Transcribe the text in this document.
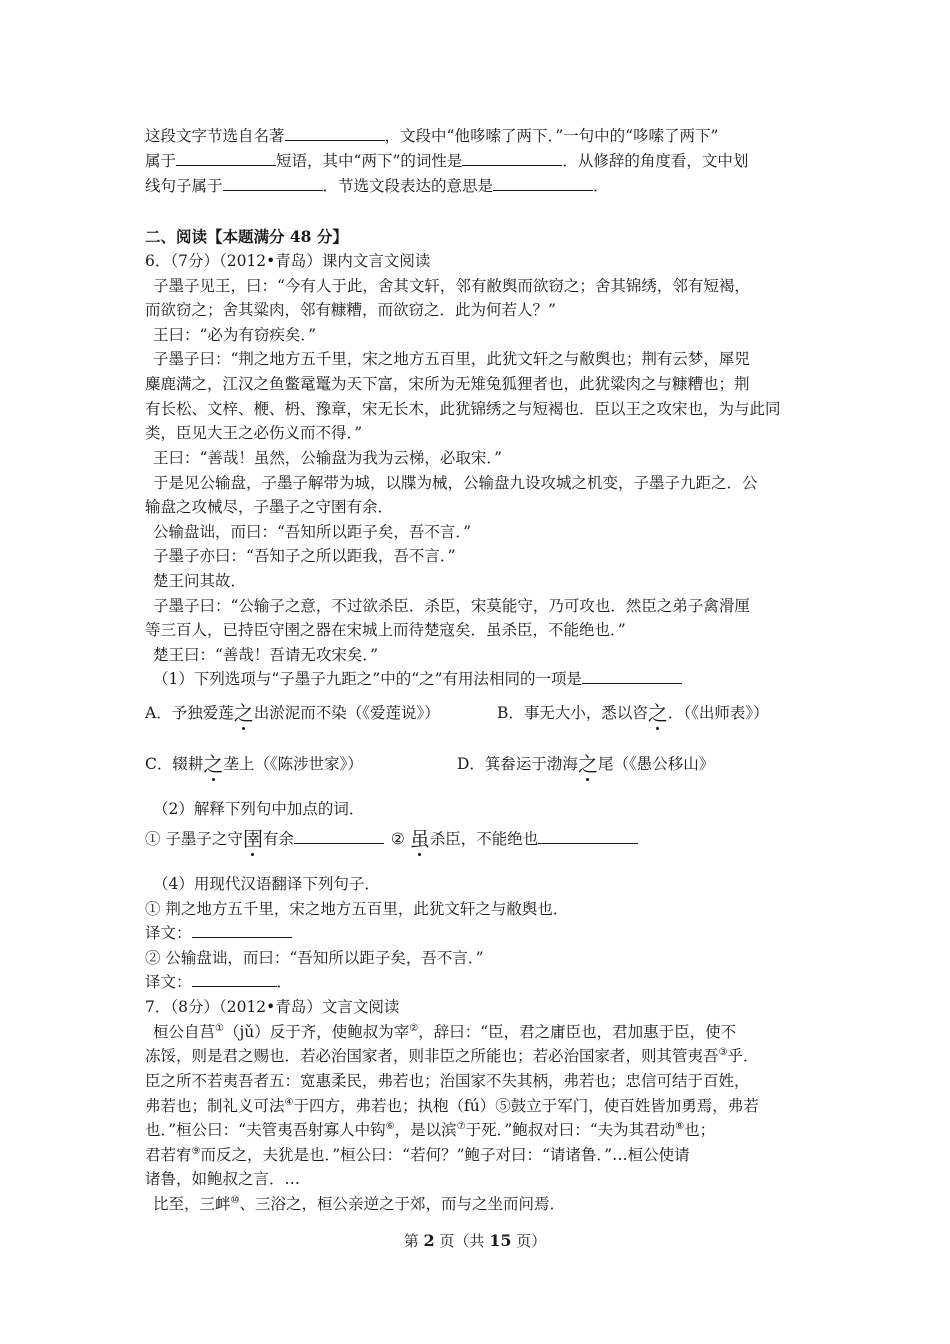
这段文字节选自名著	，文段中“他哆嗦了两下．”一句中的“哆嗦了两下”
属于	短语，其中“两下”的词性是	．从修辞的角度看，文中划
线句子属于	．节选文段表达的意思是	．
二、阅读【本题满分 48 分】
6．（7分）（2012•青岛）课内文言文阅读
子墨子见王，曰：“今有人于此，舍其文轩，邻有敝舆而欲窃之；舍其锦绣，邻有短褐，
而欲窃之；舍其粱肉，邻有糠糟，而欲窃之．此为何若人？”
王曰：“必为有窃疾矣．”
子墨子曰：“荆之地方五千里，宋之地方五百里，此犹文轩之与敝舆也；荆有云梦，犀兕
麋鹿满之，江汉之鱼鳖鼋鼍为天下富，宋所为无雉兔狐狸者也，此犹粱肉之与糠糟也；荆
有长松、文梓、楩、枬、豫章，宋无长木，此犹锦绣之与短褐也．臣以王之攻宋也，为与此同
类，臣见大王之必伤义而不得．”
王曰：“善哉！虽然，公输盘为我为云梯，必取宋．”
于是见公输盘，子墨子解带为城，以牒为械，公输盘九设攻城之机变，子墨子九距之．公
输盘之攻械尽，子墨子之守圉有余．
公输盘诎，而曰：“吾知所以距子矣，吾不言．”
子墨子亦曰：“吾知子之所以距我，吾不言．”
楚王问其故．
子墨子曰：“公输子之意，不过欲杀臣．杀臣，宋莫能守，乃可攻也．然臣之弟子禽滑厘
等三百人，已持臣守圉之器在宋城上而待楚寇矣．虽杀臣，不能绝也．”
楚王曰：“善哉！吾请无攻宋矣．”
（1）下列选项与“子墨子九距之”中的“之”有用法相同的一项是
A．予独爱莲之出淤泥而不染（《爱莲说》）	B．事无大小，悉以咨之．（《出师表》）
C．辍耕之垄上（《陈涉世家》）	D．箕畚运于渤海之尾（《愚公移山》
（2）解释下列句中加点的词．
① 子墨子之守圉有余	② 虽杀臣，不能绝也
（4）用现代汉语翻译下列句子．
① 荆之地方五千里，宋之地方五百里，此犹文轩之与敝舆也．
译文：
② 公输盘诎，而曰：“吾知所以距子矣，吾不言．”
译文：	．
7．（8分）（2012•青岛）文言文阅读
桓公自莒①（jǔ）反于齐，使鲍叔为宰②，辞曰：“臣，君之庸臣也，君加惠于臣，使不
冻馁，则是君之赐也．若必治国家者，则非臣之所能也；若必治国家者，则其管夷吾③乎．
臣之所不若夷吾者五：宽惠柔民，弗若也；治国家不失其柄，弗若也；忠信可结于百姓，
弗若也；制礼义可法④于四方，弗若也；执枹（fú）⑤鼓立于军门，使百姓皆加勇焉，弗若
也．”桓公曰：“夫管夷吾射寡人中钩⑥，是以滨⑦于死．”鲍叔对曰：“夫为其君动⑧也；
君若宥⑨而反之，夫犹是也．”桓公曰：“若何？”鲍子对曰：“请诸鲁．”…桓公使请
诸鲁，如鲍叔之言．…
比至，三衅⑩、三浴之，桓公亲逆之于郊，而与之坐而问焉．
第 2 页（共 15 页）
